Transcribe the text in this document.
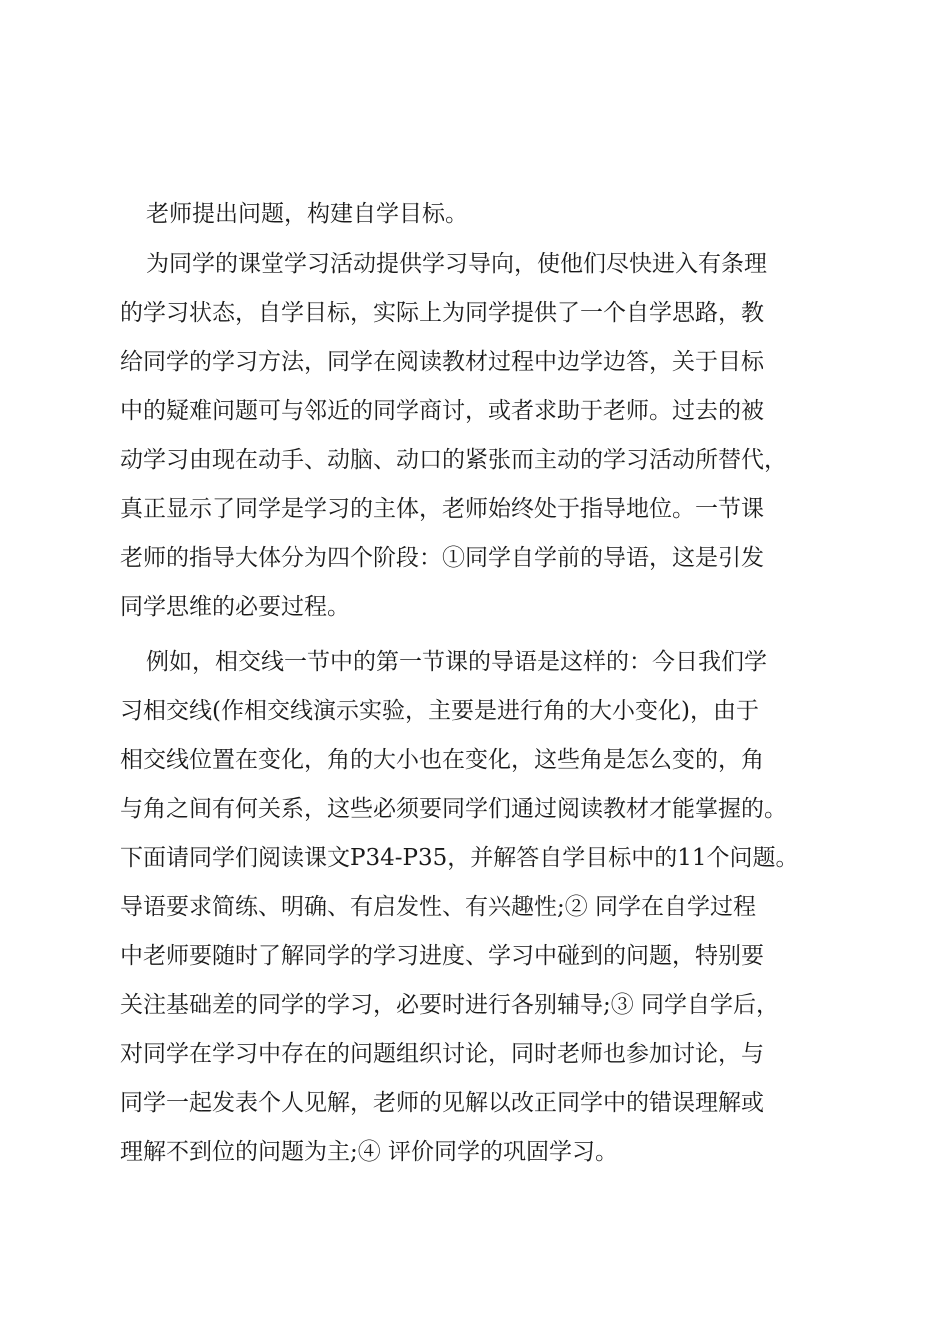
老师提出问题，构建自学目标。

为同学的课堂学习活动提供学习导向，使他们尽快进入有条理
的学习状态，自学目标，实际上为同学提供了一个自学思路，教
给同学的学习方法，同学在阅读教材过程中边学边答，关于目标
中的疑难问题可与邻近的同学商讨，或者求助于老师。过去的被
动学习由现在动手、动脑、动口的紧张而主动的学习活动所替代，
真正显示了同学是学习的主体，老师始终处于指导地位。一节课
老师的指导大体分为四个阶段：①同学自学前的导语，这是引发
同学思维的必要过程。

例如，相交线一节中的第一节课的导语是这样的：今日我们学
习相交线(作相交线演示实验，主要是进行角的大小变化)，由于
相交线位置在变化，角的大小也在变化，这些角是怎么变的，角
与角之间有何关系，这些必须要同学们通过阅读教材才能掌握的。
下面请同学们阅读课文P34-P35，并解答自学目标中的11个问题。
导语要求简练、明确、有启发性、有兴趣性;② 同学在自学过程
中老师要随时了解同学的学习进度、学习中碰到的问题，特别要
关注基础差的同学的学习，必要时进行各别辅导;③ 同学自学后，
对同学在学习中存在的问题组织讨论，同时老师也参加讨论，与
同学一起发表个人见解，老师的见解以改正同学中的错误理解或
理解不到位的问题为主;④ 评价同学的巩固学习。
